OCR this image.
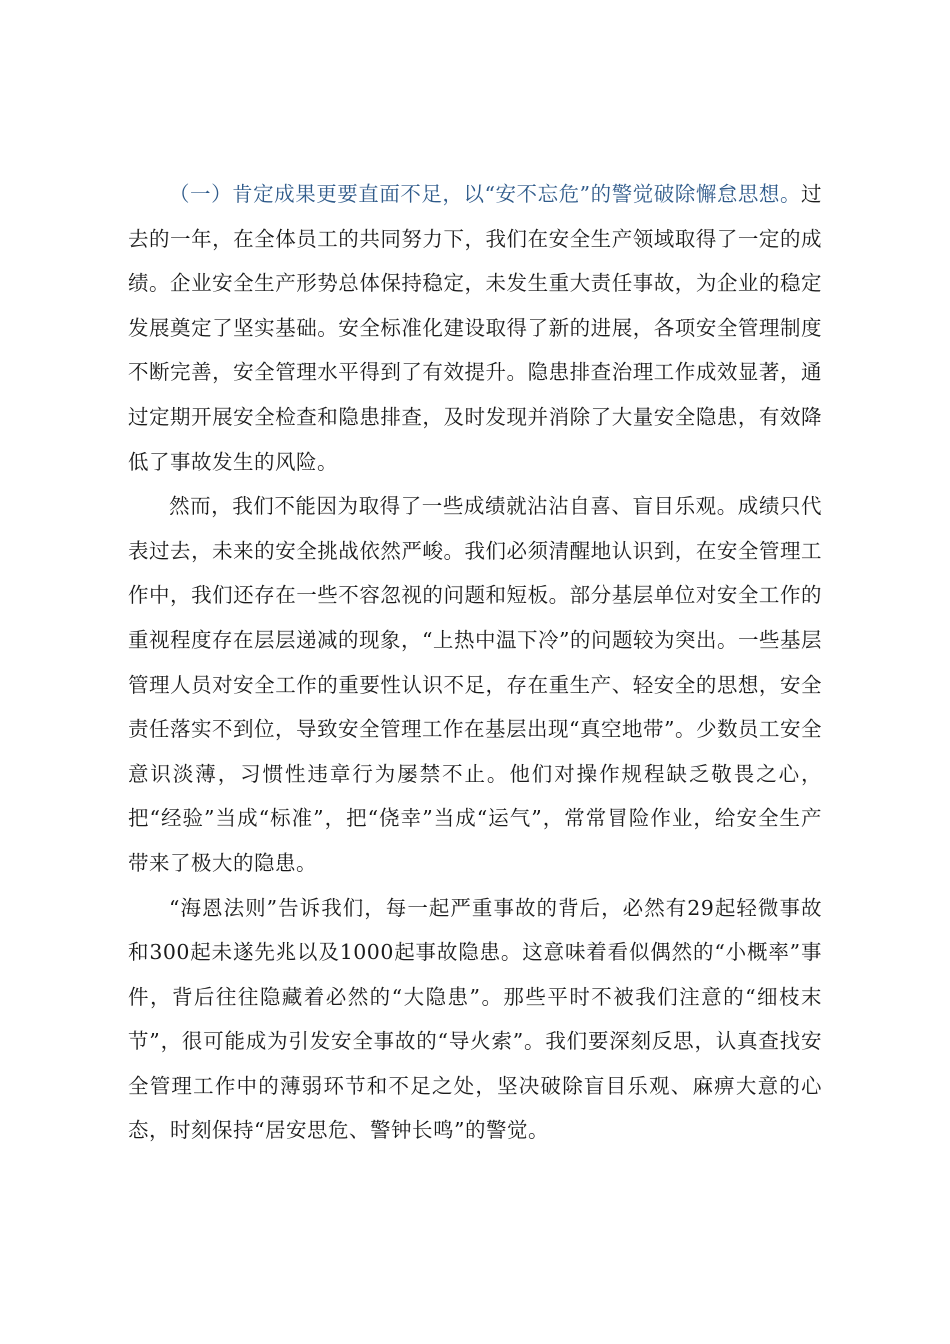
（一）肯定成果更要直面不足，以“安不忘危”的警觉破除懈怠思想。过去的一年，在全体员工的共同努力下，我们在安全生产领域取得了一定的成绩。企业安全生产形势总体保持稳定，未发生重大责任事故，为企业的稳定发展奠定了坚实基础。安全标准化建设取得了新的进展，各项安全管理制度不断完善，安全管理水平得到了有效提升。隐患排查治理工作成效显著，通过定期开展安全检查和隐患排查，及时发现并消除了大量安全隐患，有效降低了事故发生的风险。

然而，我们不能因为取得了一些成绩就沾沾自喜、盲目乐观。成绩只代表过去，未来的安全挑战依然严峻。我们必须清醒地认识到，在安全管理工作中，我们还存在一些不容忽视的问题和短板。部分基层单位对安全工作的重视程度存在层层递减的现象，“上热中温下冷”的问题较为突出。一些基层管理人员对安全工作的重要性认识不足，存在重生产、轻安全的思想，安全责任落实不到位，导致安全管理工作在基层出现“真空地带”。少数员工安全意识淡薄，习惯性违章行为屡禁不止。他们对操作规程缺乏敬畏之心，把“经验”当成“标准”，把“侥幸”当成“运气”，常常冒险作业，给安全生产带来了极大的隐患。

“海恩法则”告诉我们，每一起严重事故的背后，必然有29起轻微事故和300起未遂先兆以及1000起事故隐患。这意味着看似偶然的“小概率”事件，背后往往隐藏着必然的“大隐患”。那些平时不被我们注意的“细枝末节”，很可能成为引发安全事故的“导火索”。我们要深刻反思，认真查找安全管理工作中的薄弱环节和不足之处，坚决破除盲目乐观、麻痹大意的心态，时刻保持“居安思危、警钟长鸣”的警觉。
